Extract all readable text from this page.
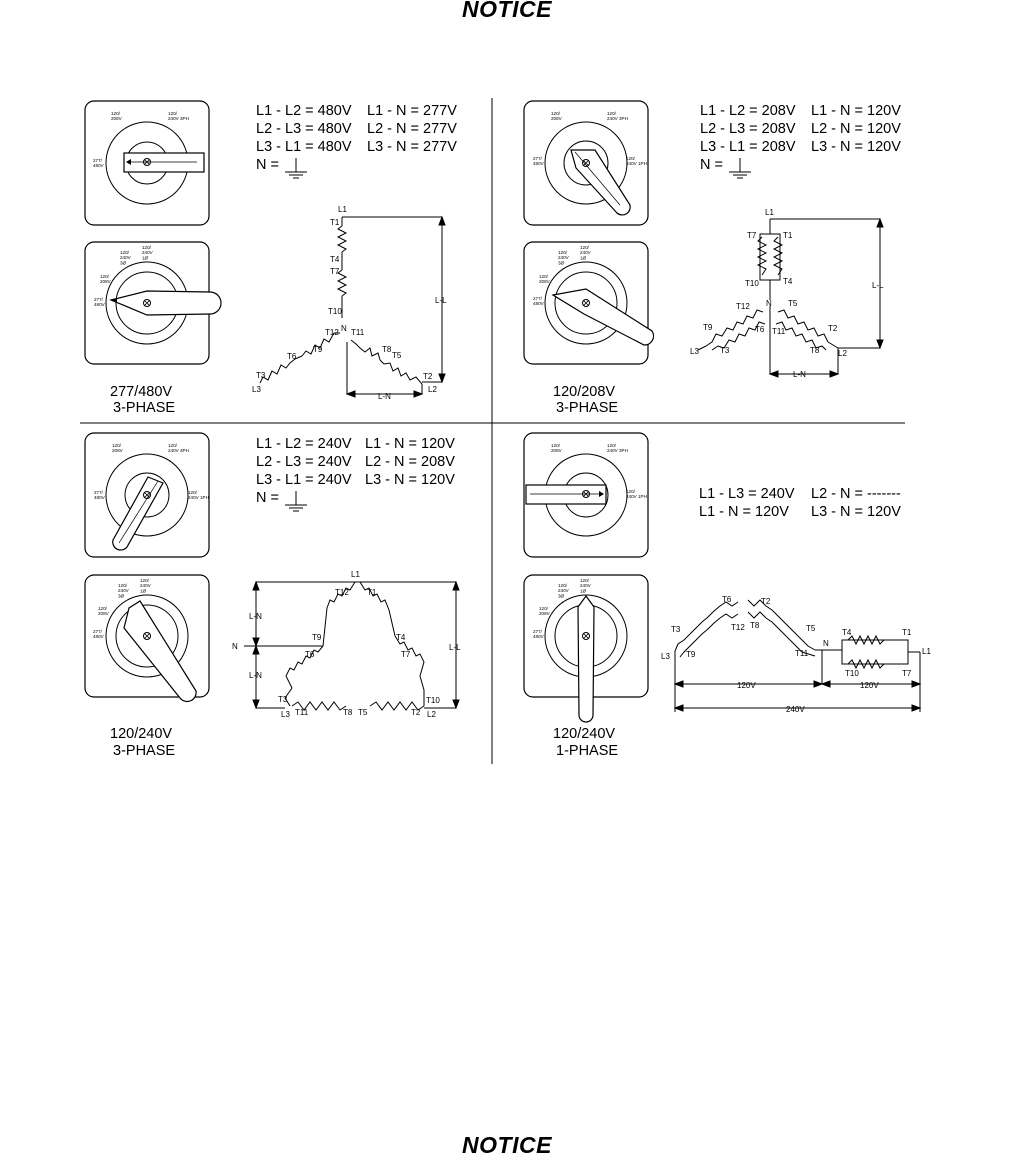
NOTICE
NOTICE
120/ 208V
120/ 240V 3PH
277/ 480V
120/ 240V 3Ø
120/ 240V 1Ø
120/ 208V
277/ 480V
L1 - L2 = 480V L1 - N = 277V
L2 - L3 = 480V L2 - N = 277V
L3 - L1 = 480V L3 - N = 277V
N =
L1
T1
T4
T7
T10
N
T12 T11
T9
T6
T3
L3
T8
T5
T2
L2
L-L
L-N
277/480V
3-PHASE
120/ 208V
120/ 240V 3PH
277/ 480V
120/ 240V 1PH
120/ 240V 3Ø
120/ 240V 1Ø
120/ 208V
277/ 480V
L1 - L2 = 208V L1 - N = 120V
L2 - L3 = 208V L2 - N = 120V
L3 - L1 = 208V L3 - N = 120V
N =
L1
T7	T1
T10	T4
N
T12	T5
T9	T6 T11	T2
T3
L3	T8 L2
L-L
L-N
120/208V
3-PHASE
120/ 208V
120/ 240V 3PH
277/ 480V
120/ 240V 1PH
120/ 240V 3Ø
120/ 240V 1Ø
120/ 208V
277/ 480V
L1 - L2 = 240V L1 - N = 120V
L2 - L3 = 240V L2 - N = 208V
L3 - L1 = 240V L3 - N = 120V
N =
L1
T12 T1
L-N
T9	T4
N
T6	T7
L-N
L-L
T3	T10
L3 T11	T8 T5	T2 L2
120/240V
3-PHASE
120/ 208V
120/ 240V 3PH
120/ 240V 1PH
120/ 240V 3Ø
120/ 240V 1Ø
120/ 208V
277/ 480V
L1 - L3 = 240V L2 - N = -------
L1 - N = 120V L3 - N = 120V
T6	T2
T3	T12 T8	T5	T4	T1
L3 T9	T11
N
L1
T10	T7
120V	120V
240V
120/240V
1-PHASE
